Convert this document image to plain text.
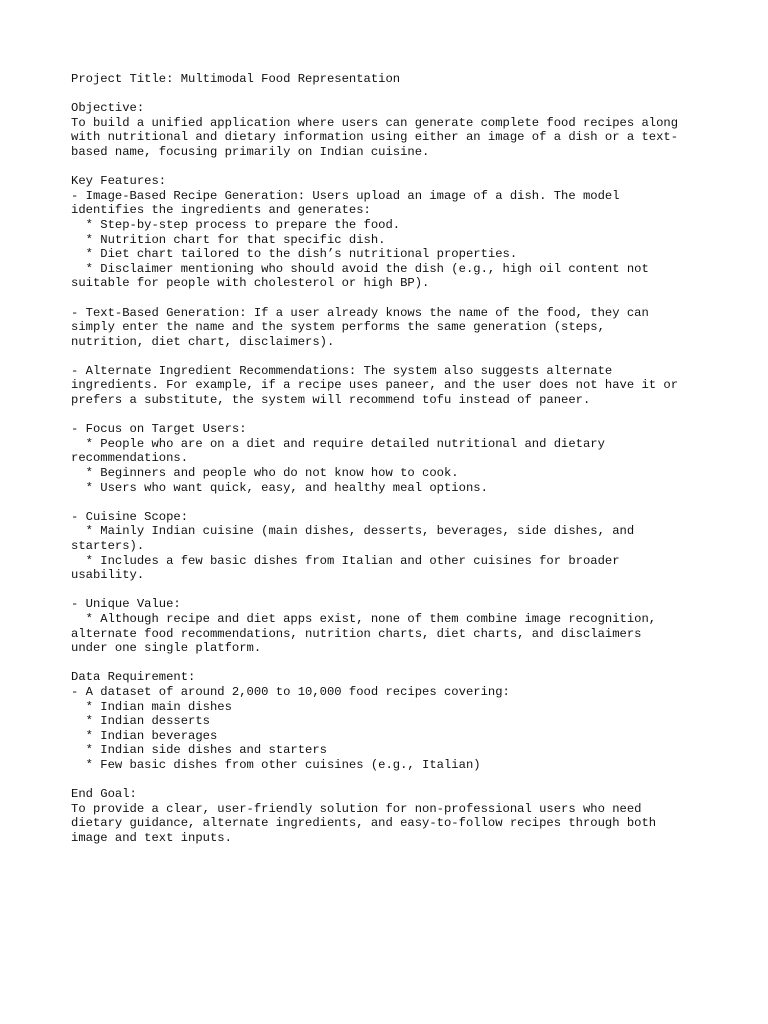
Project Title: Multimodal Food Representation
Objective:
To build a unified application where users can generate complete food recipes along
with nutritional and dietary information using either an image of a dish or a text-
based name, focusing primarily on Indian cuisine.
Key Features:
- Image-Based Recipe Generation: Users upload an image of a dish. The model
identifies the ingredients and generates:
* Step-by-step process to prepare the food.
* Nutrition chart for that specific dish.
* Diet chart tailored to the dish’s nutritional properties.
* Disclaimer mentioning who should avoid the dish (e.g., high oil content not
suitable for people with cholesterol or high BP).
- Text-Based Generation: If a user already knows the name of the food, they can
simply enter the name and the system performs the same generation (steps,
nutrition, diet chart, disclaimers).
- Alternate Ingredient Recommendations: The system also suggests alternate
ingredients. For example, if a recipe uses paneer, and the user does not have it or
prefers a substitute, the system will recommend tofu instead of paneer.
- Focus on Target Users:
* People who are on a diet and require detailed nutritional and dietary
recommendations.
* Beginners and people who do not know how to cook.
* Users who want quick, easy, and healthy meal options.
- Cuisine Scope:
* Mainly Indian cuisine (main dishes, desserts, beverages, side dishes, and
starters).
* Includes a few basic dishes from Italian and other cuisines for broader
usability.
- Unique Value:
* Although recipe and diet apps exist, none of them combine image recognition,
alternate food recommendations, nutrition charts, diet charts, and disclaimers
under one single platform.
Data Requirement:
- A dataset of around 2,000 to 10,000 food recipes covering:
* Indian main dishes
* Indian desserts
* Indian beverages
* Indian side dishes and starters
* Few basic dishes from other cuisines (e.g., Italian)
End Goal:
To provide a clear, user-friendly solution for non-professional users who need
dietary guidance, alternate ingredients, and easy-to-follow recipes through both
image and text inputs.
